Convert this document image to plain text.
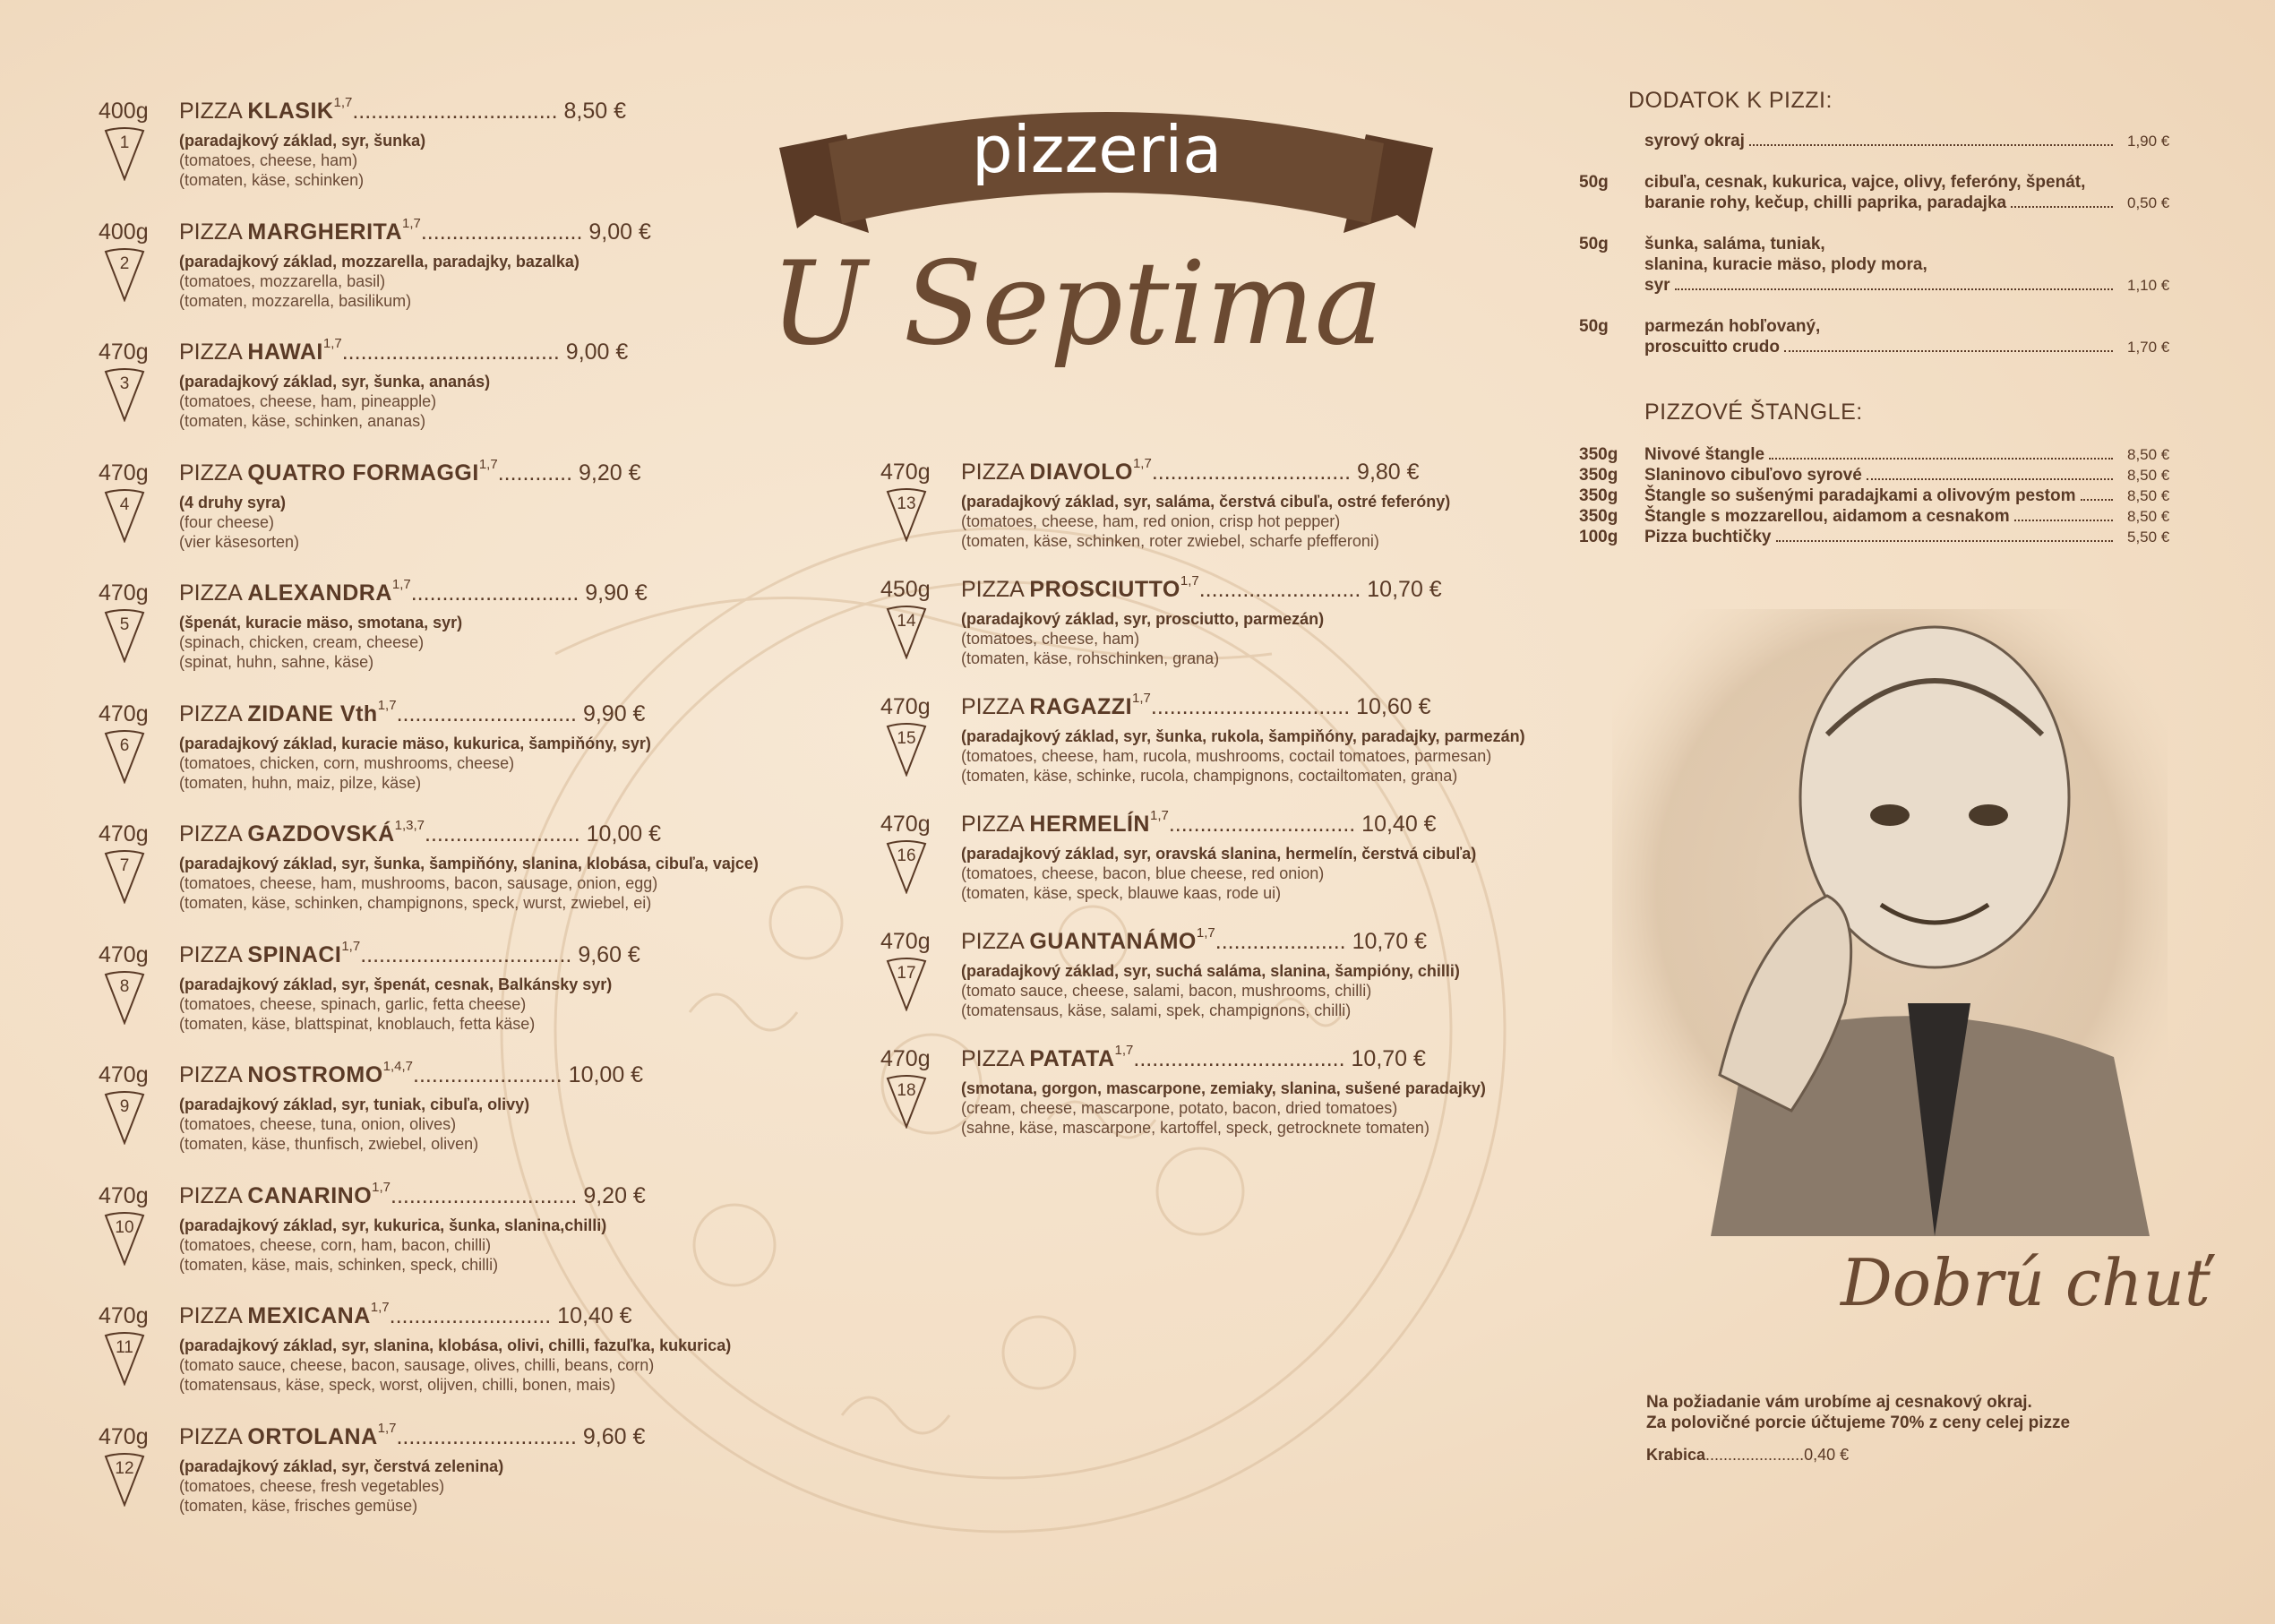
400g PIZZA KLASIK$^{1,7}$................................. 8,50 €
(paradajkový základ, syr, šunka)
(tomatoes, cheese, ham)
(tomaten, käse, schinken)
1
400g PIZZA MARGHERITA$^{1,7}$.......................... 9,00 €
(paradajkový základ, mozzarella, paradajky, bazalka)
(tomatoes, mozzarella, basil)
(tomaten, mozzarella, basilikum)
2
470g PIZZA HAWAI$^{1,7}$................................... 9,00 €
(paradajkový základ, syr, šunka, ananás)
(tomatoes, cheese, ham, pineapple)
(tomaten, käse, schinken, ananas)
3
470g PIZZA QUATRO FORMAGGI$^{1,7}$............ 9,20 €
(4 druhy syra)
(four cheese)
(vier käsesorten)
4
470g PIZZA ALEXANDRA$^{1,7}$........................... 9,90 €
(špenát, kuracie mäso, smotana, syr)
(spinach, chicken, cream, cheese)
(spinat, huhn, sahne, käse)
5
470g PIZZA ZIDANE Vth$^{1,7}$............................. 9,90 €
(paradajkový základ, kuracie mäso, kukurica, šampiňóny, syr)
(tomatoes, chicken, corn, mushrooms, cheese)
(tomaten, huhn, maiz, pilze, käse)
6
470g PIZZA GAZDOVSKÁ$^{1,3,7}$......................... 10,00 €
(paradajkový základ, syr, šunka, šampiňóny, slanina, klobása, cibuľa, vajce)
(tomatoes, cheese, ham, mushrooms, bacon, sausage, onion, egg)
(tomaten, käse, schinken, champignons, speck, wurst, zwiebel, ei)
7
470g PIZZA SPINACI$^{1,7}$.................................. 9,60 €
(paradajkový základ, syr, špenát, cesnak, Balkánsky syr)
(tomatoes, cheese, spinach, garlic, fetta cheese)
(tomaten, käse, blattspinat, knoblauch, fetta käse)
8
470g PIZZA NOSTROMO$^{1,4,7}$........................ 10,00 €
(paradajkový základ, syr, tuniak, cibuľa, olivy)
(tomatoes, cheese, tuna, onion, olives)
(tomaten, käse, thunfisch, zwiebel, oliven)
9
470g PIZZA CANARINO$^{1,7}$.............................. 9,20 €
(paradajkový základ, syr, kukurica, šunka, slanina,chilli)
(tomatoes, cheese, corn, ham, bacon, chilli)
(tomaten, käse, mais, schinken, speck, chilli)
10
470g PIZZA MEXICANA$^{1,7}$.......................... 10,40 €
(paradajkový základ, syr, slanina, klobása, olivi, chilli, fazuľka, kukurica)
(tomato sauce, cheese, bacon, sausage, olives, chilli, beans, corn)
(tomatensaus, käse, speck, worst, olijven, chilli, bonen, mais)
11
470g PIZZA ORTOLANA$^{1,7}$............................. 9,60 €
(paradajkový základ, syr, čerstvá zelenina)
(tomatoes, cheese, fresh vegetables)
(tomaten, käse, frisches gemüse)
12
470g PIZZA DIAVOLO$^{1,7}$................................ 9,80 €
(paradajkový základ, syr, saláma, čerstvá cibuľa, ostré feferóny)
(tomatoes, cheese, ham, red onion, crisp hot pepper)
(tomaten, käse, schinken, roter zwiebel, scharfe pfefferoni)
13
450g PIZZA PROSCIUTTO$^{1,7}$.......................... 10,70 €
(paradajkový základ, syr, prosciutto, parmezán)
(tomatoes, cheese, ham)
(tomaten, käse, rohschinken, grana)
14
470g PIZZA RAGAZZI$^{1,7}$................................ 10,60 €
(paradajkový základ, syr, šunka, rukola, šampiňóny, paradajky, parmezán)
(tomatoes, cheese, ham, rucola, mushrooms, coctail tomatoes, parmesan)
(tomaten, käse, schinke, rucola, champignons, coctailtomaten, grana)
15
470g PIZZA HERMELÍN$^{1,7}$.............................. 10,40 €
(paradajkový základ, syr, oravská slanina, hermelín, čerstvá cibuľa)
(tomatoes, cheese, bacon, blue cheese, red onion)
(tomaten, käse, speck, blauwe kaas, rode ui)
16
470g PIZZA GUANTANÁMO$^{1,7}$..................... 10,70 €
(paradajkový základ, syr, suchá saláma, slanina, šampióny, chilli)
(tomato sauce, cheese, salami, bacon, mushrooms, chilli)
(tomatensaus, käse, salami, spek, champignons, chilli)
17
470g PIZZA PATATA$^{1,7}$.................................. 10,70 €
(smotana, gorgon, mascarpone, zemiaky, slanina, sušené paradajky)
(cream, cheese, mascarpone, potato, bacon, dried tomatoes)
(sahne, käse, mascarpone, kartoffel, speck, getrocknete tomaten)
18
pizzeria
U Septima
DODATOK K PIZZI:
syrový okraj	1,90 €
50g cibuľa, cesnak, kukurica, vajce, olivy, feferóny, špenát,
baranie rohy, kečup, chilli paprika, paradajka	0,50 €
50g šunka, saláma, tuniak,
slanina, kuracie mäso, plody mora,
syr	1,10 €
50g parmezán hobľovaný,
proscuitto crudo	1,70 €
PIZZOVÉ ŠTANGLE:
350g Nivové štangle	8,50 €
350g Slaninovo cibuľovo syrové	8,50 €
350g Štangle so sušenými paradajkami a olivovým pestom	8,50 €
350g Štangle s mozzarellou, aidamom a cesnakom	8,50 €
100g Pizza buchtičky	5,50 €
Dobrú chuť
Na požiadanie vám urobíme aj cesnakový okraj.
Za polovičné porcie účtujeme 70% z ceny celej pizze
Krabica......................0,40 €
